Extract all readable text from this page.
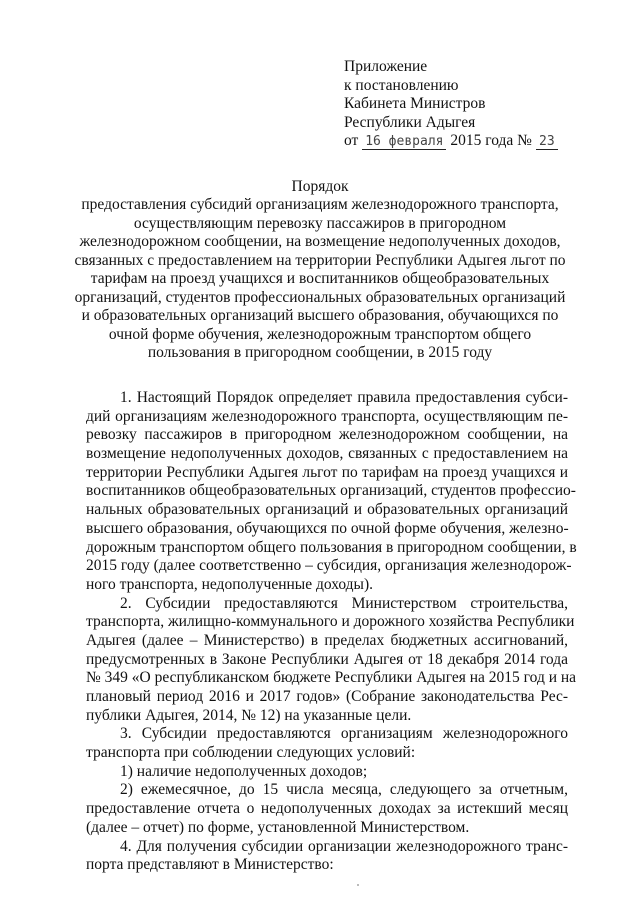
Приложение
к постановлению
Кабинета Министров
Республики Адыгея
от 16 февраля 2015 года № 23
Порядок
предоставления субсидий организациям железнодорожного транспорта,
осуществляющим перевозку пассажиров в пригородном
железнодорожном сообщении, на возмещение недополученных доходов,
связанных с предоставлением на территории Республики Адыгея льгот по
тарифам на проезд учащихся и воспитанников общеобразовательных
организаций, студентов профессиональных образовательных организаций
и образовательных организаций высшего образования, обучающихся по
очной форме обучения, железнодорожным транспортом общего
пользования в пригородном сообщении, в 2015 году
1. Настоящий Порядок определяет правила предоставления субси-
дий организациям железнодорожного транспорта, осуществляющим пе-
ревозку пассажиров в пригородном железнодорожном сообщении, на
возмещение недополученных доходов, связанных с предоставлением на
территории Республики Адыгея льгот по тарифам на проезд учащихся и
воспитанников общеобразовательных организаций, студентов профессио-
нальных образовательных организаций и образовательных организаций
высшего образования, обучающихся по очной форме обучения, железно-
дорожным транспортом общего пользования в пригородном сообщении, в
2015 году (далее соответственно – субсидия, организация железнодорож-
ного транспорта, недополученные доходы).
2. Субсидии предоставляются Министерством строительства,
транспорта, жилищно-коммунального и дорожного хозяйства Республики
Адыгея (далее – Министерство) в пределах бюджетных ассигнований,
предусмотренных в Законе Республики Адыгея от 18 декабря 2014 года
№ 349 «О республиканском бюджете Республики Адыгея на 2015 год и на
плановый период 2016 и 2017 годов» (Собрание законодательства Рес-
публики Адыгея, 2014, № 12) на указанные цели.
3. Субсидии предоставляются организациям железнодорожного
транспорта при соблюдении следующих условий:
1) наличие недополученных доходов;
2) ежемесячное, до 15 числа месяца, следующего за отчетным,
предоставление отчета о недополученных доходах за истекший месяц
(далее – отчет) по форме, установленной Министерством.
4. Для получения субсидии организации железнодорожного транс-
порта представляют в Министерство:
